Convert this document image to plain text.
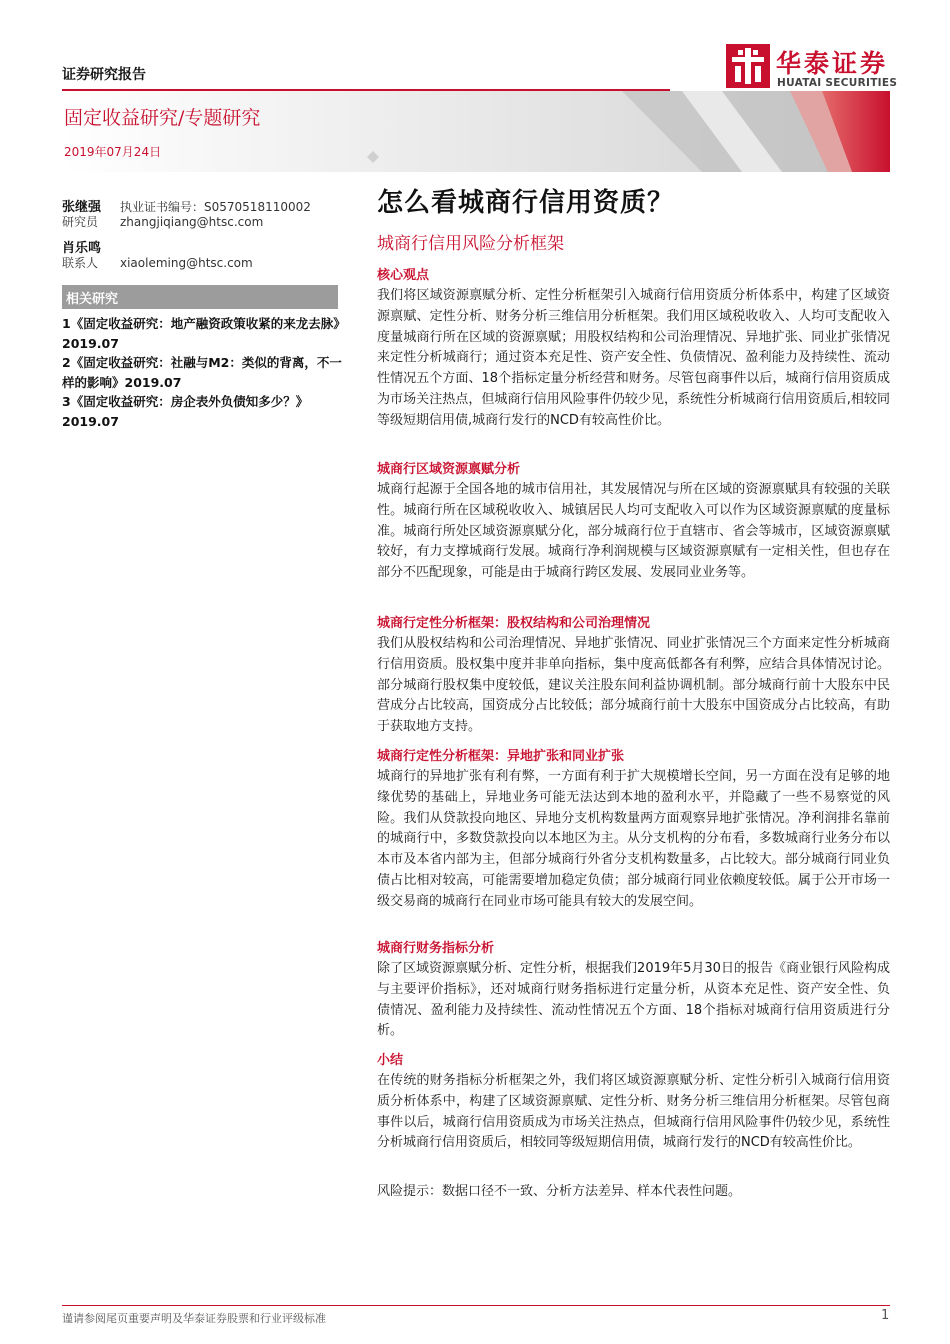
证券研究报告	华泰证券
HUATAI SECURITIES
固定收益研究/专题研究
2019年07月24日
张继强 执业证书编号：S0570518110002
研究员 zhangjiqiang@htsc.com
肖乐鸣
联系人 xiaoleming@htsc.com
相关研究
1《固定收益研究：地产融资政策收紧的来龙去脉》2019.07
2《固定收益研究：社融与M2：类似的背离，不一样的影响》2019.07
3《固定收益研究：房企表外负债知多少？》2019.07
怎么看城商行信用资质？
城商行信用风险分析框架
核心观点
我们将区域资源禀赋分析、定性分析框架引入城商行信用资质分析体系中，构建了区域资源禀赋、定性分析、财务分析三维信用分析框架。我们用区域税收收入、人均可支配收入度量城商行所在区域的资源禀赋；用股权结构和公司治理情况、异地扩张、同业扩张情况来定性分析城商行；通过资本充足性、资产安全性、负债情况、盈利能力及持续性、流动性情况五个方面、18个指标定量分析经营和财务。尽管包商事件以后，城商行信用资质成为市场关注热点，但城商行信用风险事件仍较少见，系统性分析城商行信用资质后,相较同等级短期信用债,城商行发行的NCD有较高性价比。
城商行区域资源禀赋分析
城商行起源于全国各地的城市信用社，其发展情况与所在区域的资源禀赋具有较强的关联性。城商行所在区域税收收入、城镇居民人均可支配收入可以作为区域资源禀赋的度量标准。城商行所处区域资源禀赋分化，部分城商行位于直辖市、省会等城市，区域资源禀赋较好，有力支撑城商行发展。城商行净利润规模与区域资源禀赋有一定相关性，但也存在部分不匹配现象，可能是由于城商行跨区发展、发展同业业务等。
城商行定性分析框架：股权结构和公司治理情况
我们从股权结构和公司治理情况、异地扩张情况、同业扩张情况三个方面来定性分析城商行信用资质。股权集中度并非单向指标，集中度高低都各有利弊，应结合具体情况讨论。部分城商行股权集中度较低，建议关注股东间利益协调机制。部分城商行前十大股东中民营成分占比较高，国资成分占比较低；部分城商行前十大股东中国资成分占比较高，有助于获取地方支持。
城商行定性分析框架：异地扩张和同业扩张
城商行的异地扩张有利有弊，一方面有利于扩大规模增长空间，另一方面在没有足够的地缘优势的基础上，异地业务可能无法达到本地的盈利水平，并隐藏了一些不易察觉的风险。我们从贷款投向地区、异地分支机构数量两方面观察异地扩张情况。净利润排名靠前的城商行中，多数贷款投向以本地区为主。从分支机构的分布看，多数城商行业务分布以本市及本省内部为主，但部分城商行外省分支机构数量多，占比较大。部分城商行同业负债占比相对较高，可能需要增加稳定负债；部分城商行同业依赖度较低。属于公开市场一级交易商的城商行在同业市场可能具有较大的发展空间。
城商行财务指标分析
除了区域资源禀赋分析、定性分析，根据我们2019年5月30日的报告《商业银行风险构成与主要评价指标》，还对城商行财务指标进行定量分析，从资本充足性、资产安全性、负债情况、盈利能力及持续性、流动性情况五个方面、18个指标对城商行信用资质进行分析。
小结
在传统的财务指标分析框架之外，我们将区域资源禀赋分析、定性分析引入城商行信用资质分析体系中，构建了区域资源禀赋、定性分析、财务分析三维信用分析框架。尽管包商事件以后，城商行信用资质成为市场关注热点，但城商行信用风险事件仍较少见，系统性分析城商行信用资质后，相较同等级短期信用债，城商行发行的NCD有较高性价比。
风险提示：数据口径不一致、分析方法差异、样本代表性问题。
谨请参阅尾页重要声明及华泰证券股票和行业评级标准	1
